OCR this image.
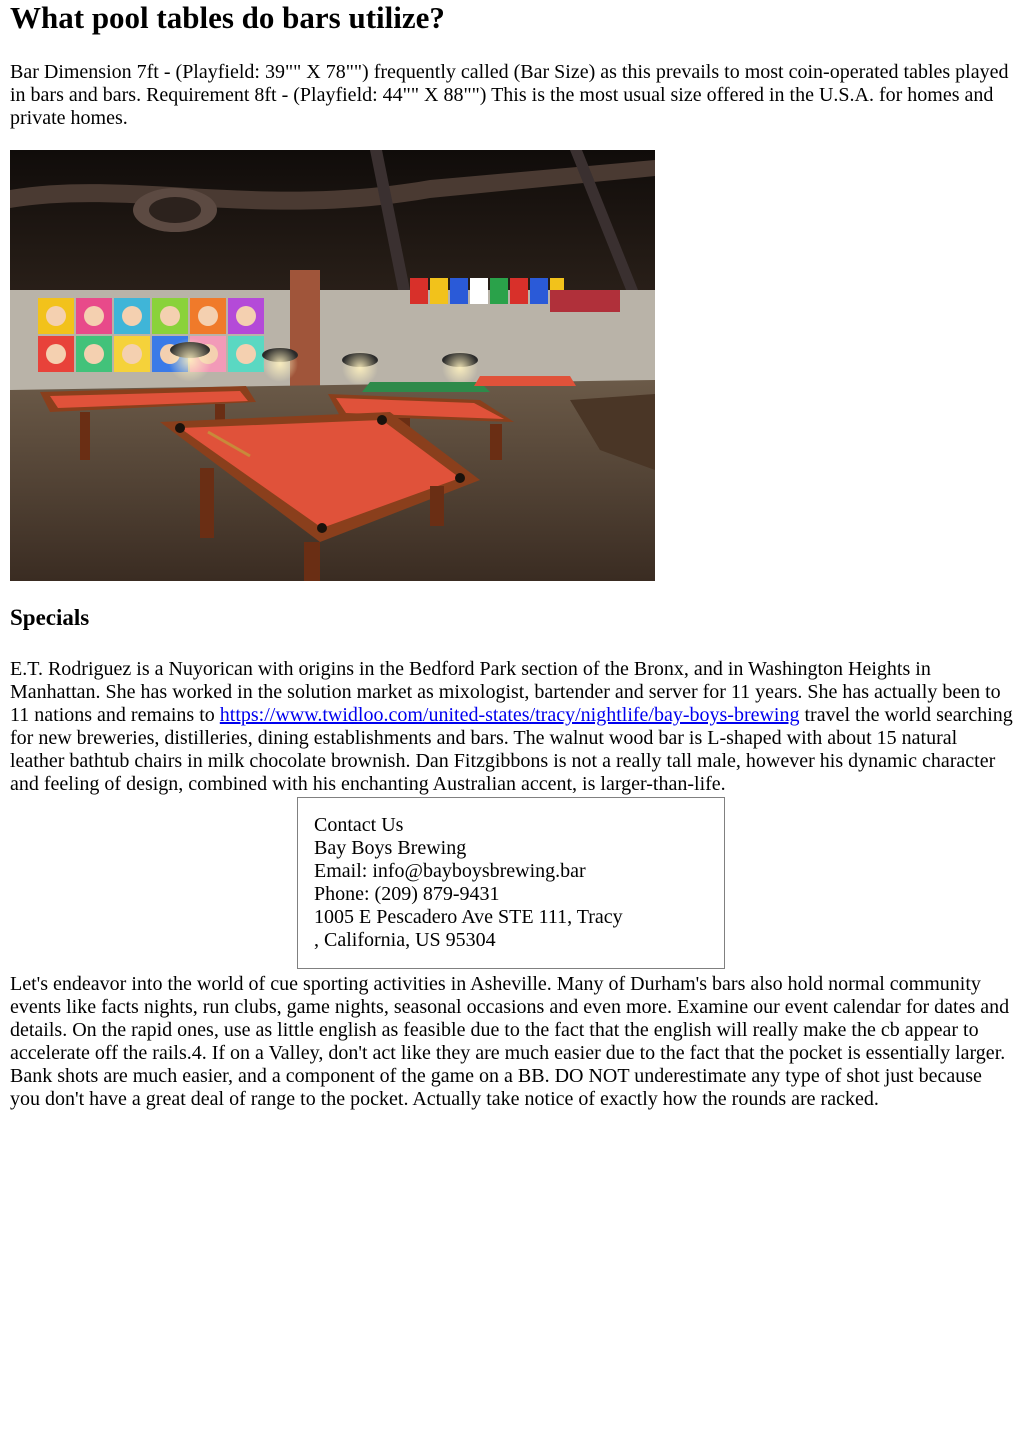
What pool tables do bars utilize?

Bar Dimension 7ft - (Playfield: 39"" X 78"") frequently called (Bar Size) as this prevails to most coin-operated tables played in bars and bars. Requirement 8ft - (Playfield: 44"" X 88"") This is the most usual size offered in the U.S.A. for homes and private homes.

Specials

E.T. Rodriguez is a Nuyorican with origins in the Bedford Park section of the Bronx, and in Washington Heights in Manhattan. She has worked in the solution market as mixologist, bartender and server for 11 years. She has actually been to 11 nations and remains to https://www.twidloo.com/united-states/tracy/nightlife/bay-boys-brewing travel the world searching for new breweries, distilleries, dining establishments and bars. The walnut wood bar is L-shaped with about 15 natural leather bathtub chairs in milk chocolate brownish. Dan Fitzgibbons is not a really tall male, however his dynamic character and feeling of design, combined with his enchanting Australian accent, is larger-than-life.

Contact Us
Bay Boys Brewing
Email: info@bayboysbrewing.bar
Phone: (209) 879-9431
1005 E Pescadero Ave STE 111, Tracy
, California, US 95304

Let's endeavor into the world of cue sporting activities in Asheville. Many of Durham's bars also hold normal community events like facts nights, run clubs, game nights, seasonal occasions and even more. Examine our event calendar for dates and details. On the rapid ones, use as little english as feasible due to the fact that the english will really make the cb appear to accelerate off the rails.4. If on a Valley, don't act like they are much easier due to the fact that the pocket is essentially larger. Bank shots are much easier, and a component of the game on a BB. DO NOT underestimate any type of shot just because you don't have a great deal of range to the pocket. Actually take notice of exactly how the rounds are racked.
